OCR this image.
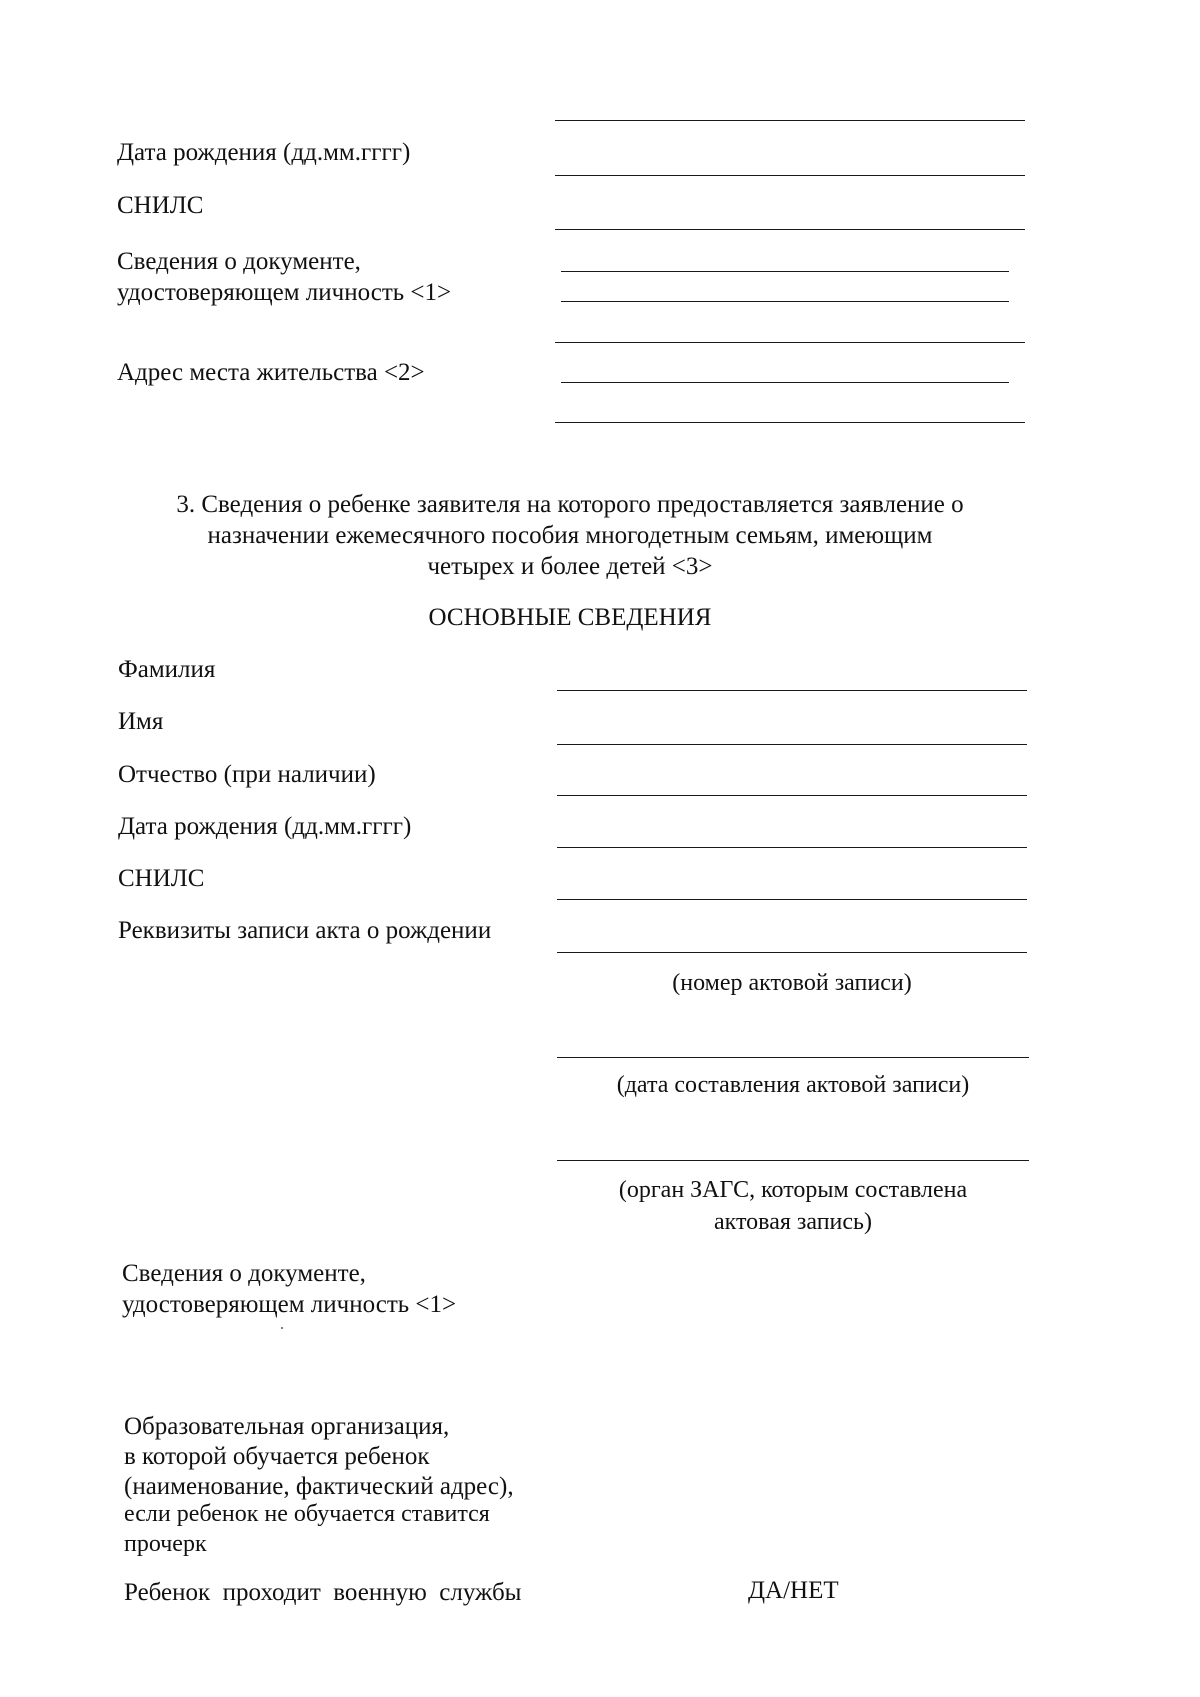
Дата рождения (дд.мм.гггг)
СНИЛС
Сведения о документе,
удостоверяющем личность <1>
Адрес места жительства <2>
3. Сведения о ребенке заявителя на которого предоставляется заявление о
назначении ежемесячного пособия многодетным семьям, имеющим
четырех и более детей <3>
ОСНОВНЫЕ СВЕДЕНИЯ
Фамилия
Имя
Отчество (при наличии)
Дата рождения (дд.мм.гггг)
СНИЛС
Реквизиты записи акта о рождении
(номер актовой записи)
(дата составления актовой записи)
(орган ЗАГС, которым составлена
актовая запись)
Сведения о документе,
удостоверяющем личность <1>
Образовательная организация,
в которой обучается ребенок
(наименование, фактический адрес),
если ребенок не обучается ставится
прочерк
Ребенок  проходит  военную  службы	ДА/НЕТ
